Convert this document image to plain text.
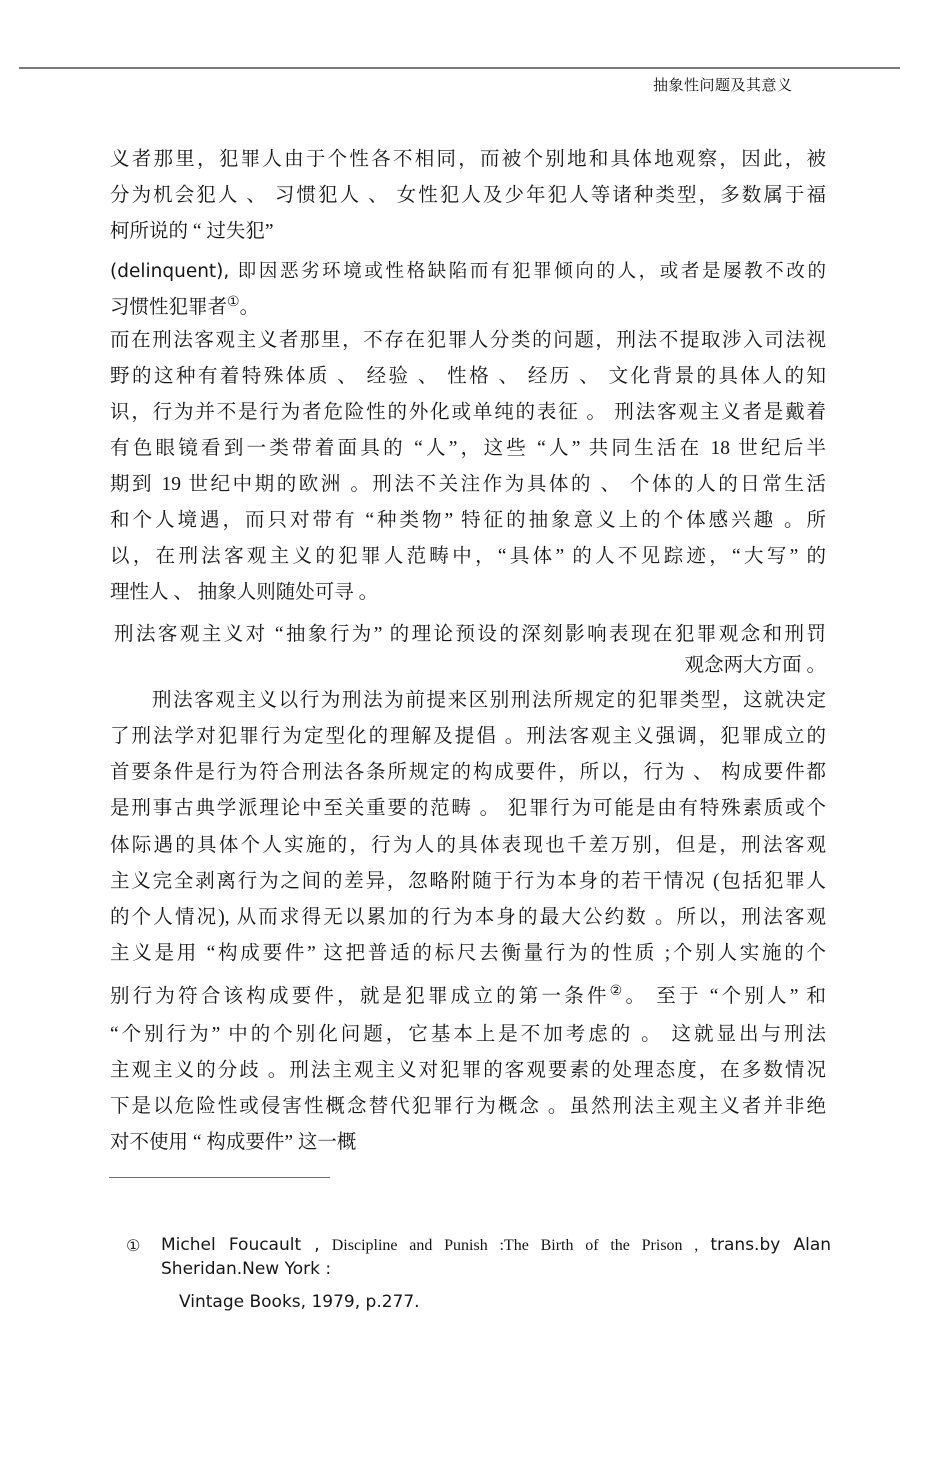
抽象性问题及其意义
义者那里，犯罪人由于个性各不相同，而被个别地和具体地观察，因此，被
分为机会犯人 、 习惯犯人 、 女性犯人及少年犯人等诸种类型，多数属于福
柯所说的 “ 过失犯”
(delinquent), 即因恶劣环境或性格缺陷而有犯罪倾向的人，或者是屡教不改的
习惯性犯罪者①。
而在刑法客观主义者那里，不存在犯罪人分类的问题，刑法不提取涉入司法视
野的这种有着特殊体质 、 经验 、 性格 、 经历 、 文化背景的具体人的知
识，行为并不是行为者危险性的外化或单纯的表征 。 刑法客观主义者是戴着
有色眼镜看到一类带着面具的 “人”，这些 “人” 共同生活在 18 世纪后半
期到 19 世纪中期的欧洲 。刑法不关注作为具体的 、 个体的人的日常生活
和个人境遇，而只对带有 “种类物” 特征的抽象意义上的个体感兴趣 。所
以，在刑法客观主义的犯罪人范畴中，“具体” 的人不见踪迹，“大写” 的
理性人 、 抽象人则随处可寻 。
刑法客观主义对 “抽象行为” 的理论预设的深刻影响表现在犯罪观念和刑罚
观念两大方面 。
刑法客观主义以行为刑法为前提来区别刑法所规定的犯罪类型，这就决定
了刑法学对犯罪行为定型化的理解及提倡 。刑法客观主义强调，犯罪成立的
首要条件是行为符合刑法各条所规定的构成要件，所以，行为 、 构成要件都
是刑事古典学派理论中至关重要的范畴 。 犯罪行为可能是由有特殊素质或个
体际遇的具体个人实施的，行为人的具体表现也千差万别，但是，刑法客观
主义完全剥离行为之间的差异，忽略附随于行为本身的若干情况 (包括犯罪人
的个人情况), 从而求得无以累加的行为本身的最大公约数 。所以，刑法客观
主义是用 “构成要件” 这把普适的标尺去衡量行为的性质 ;个别人实施的个
别行为符合该构成要件，就是犯罪成立的第一条件②。 至于 “个别人” 和
“个别行为” 中的个别化问题，它基本上是不加考虑的 。 这就显出与刑法
主观主义的分歧 。刑法主观主义对犯罪的客观要素的处理态度，在多数情况
下是以危险性或侵害性概念替代犯罪行为概念 。虽然刑法主观主义者并非绝
对不使用 “ 构成要件” 这一概
① Michel Foucault , Discipline and Punish :The Birth of the Prison , trans.by Alan
Sheridan.New York :
Vintage Books, 1979, p.277.
